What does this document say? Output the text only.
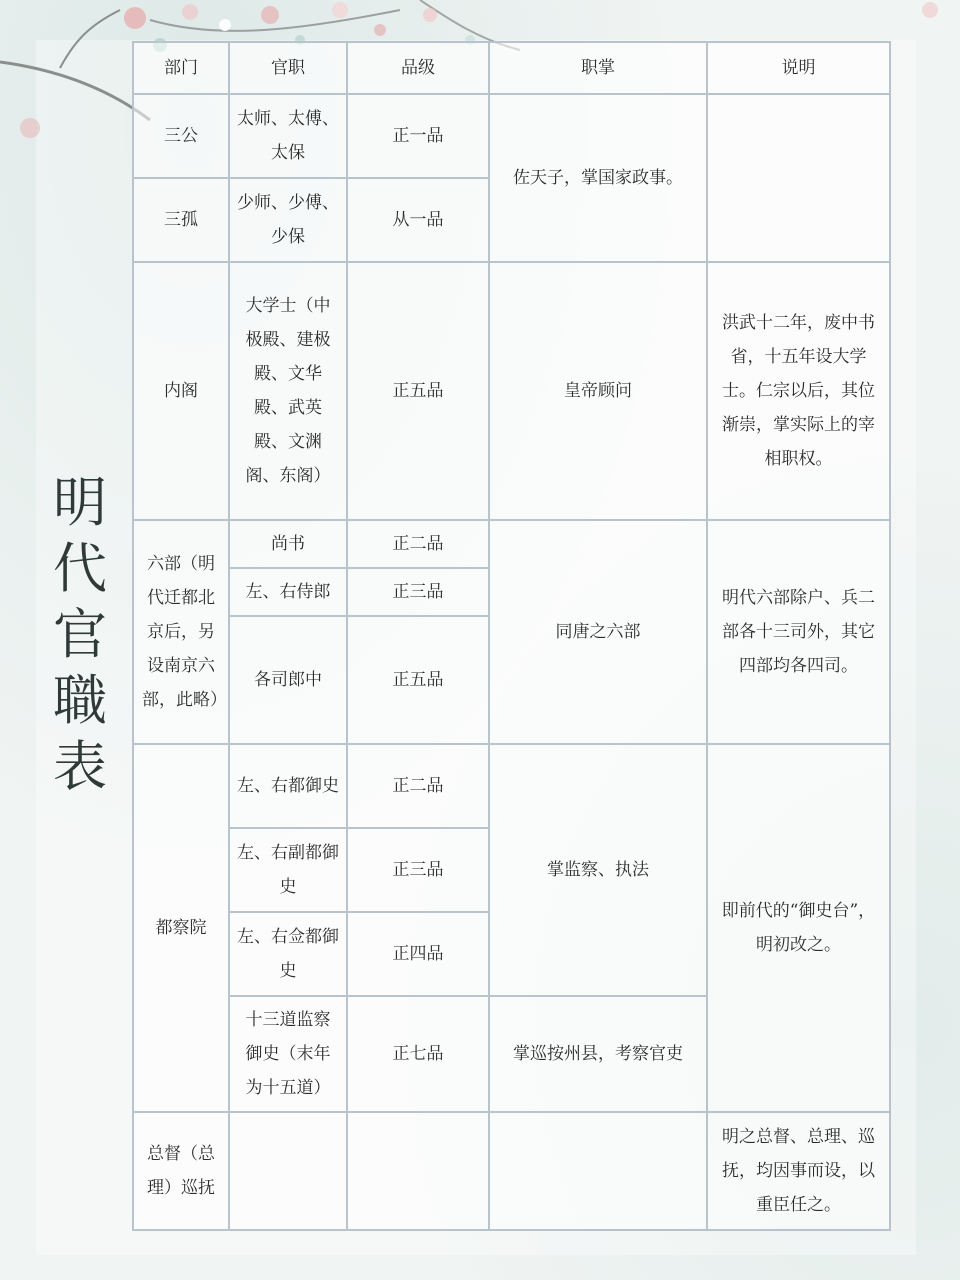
明
代
官
職
表
部门	官职	品级	职掌	说明
三公	太师、太傅、太保	正一品	佐天子，掌国家政事。	
三孤	少师、少傅、少保	从一品		
内阁	大学士（中极殿、建极殿、文华殿、武英殿、文渊阁、东阁）	正五品	皇帝顾问	洪武十二年，废中书省，十五年设大学士。仁宗以后，其位渐崇，掌实际上的宰相职权。
六部（明代迁都北京后，另设南京六部，此略）	尚书	正二品	同唐之六部	明代六部除户、兵二部各十三司外，其它四部均各四司。
	左、右侍郎	正三品		
	各司郎中	正五品		
都察院	左、右都御史	正二品	掌监察、执法	即前代的“御史台”，明初改之。
	左、右副都御史	正三品		
	左、右佥都御史	正四品		
	十三道监察御史（末年为十五道）	正七品	掌巡按州县，考察官吏	
总督（总理）巡抚				明之总督、总理、巡抚，均因事而设，以重臣任之。
